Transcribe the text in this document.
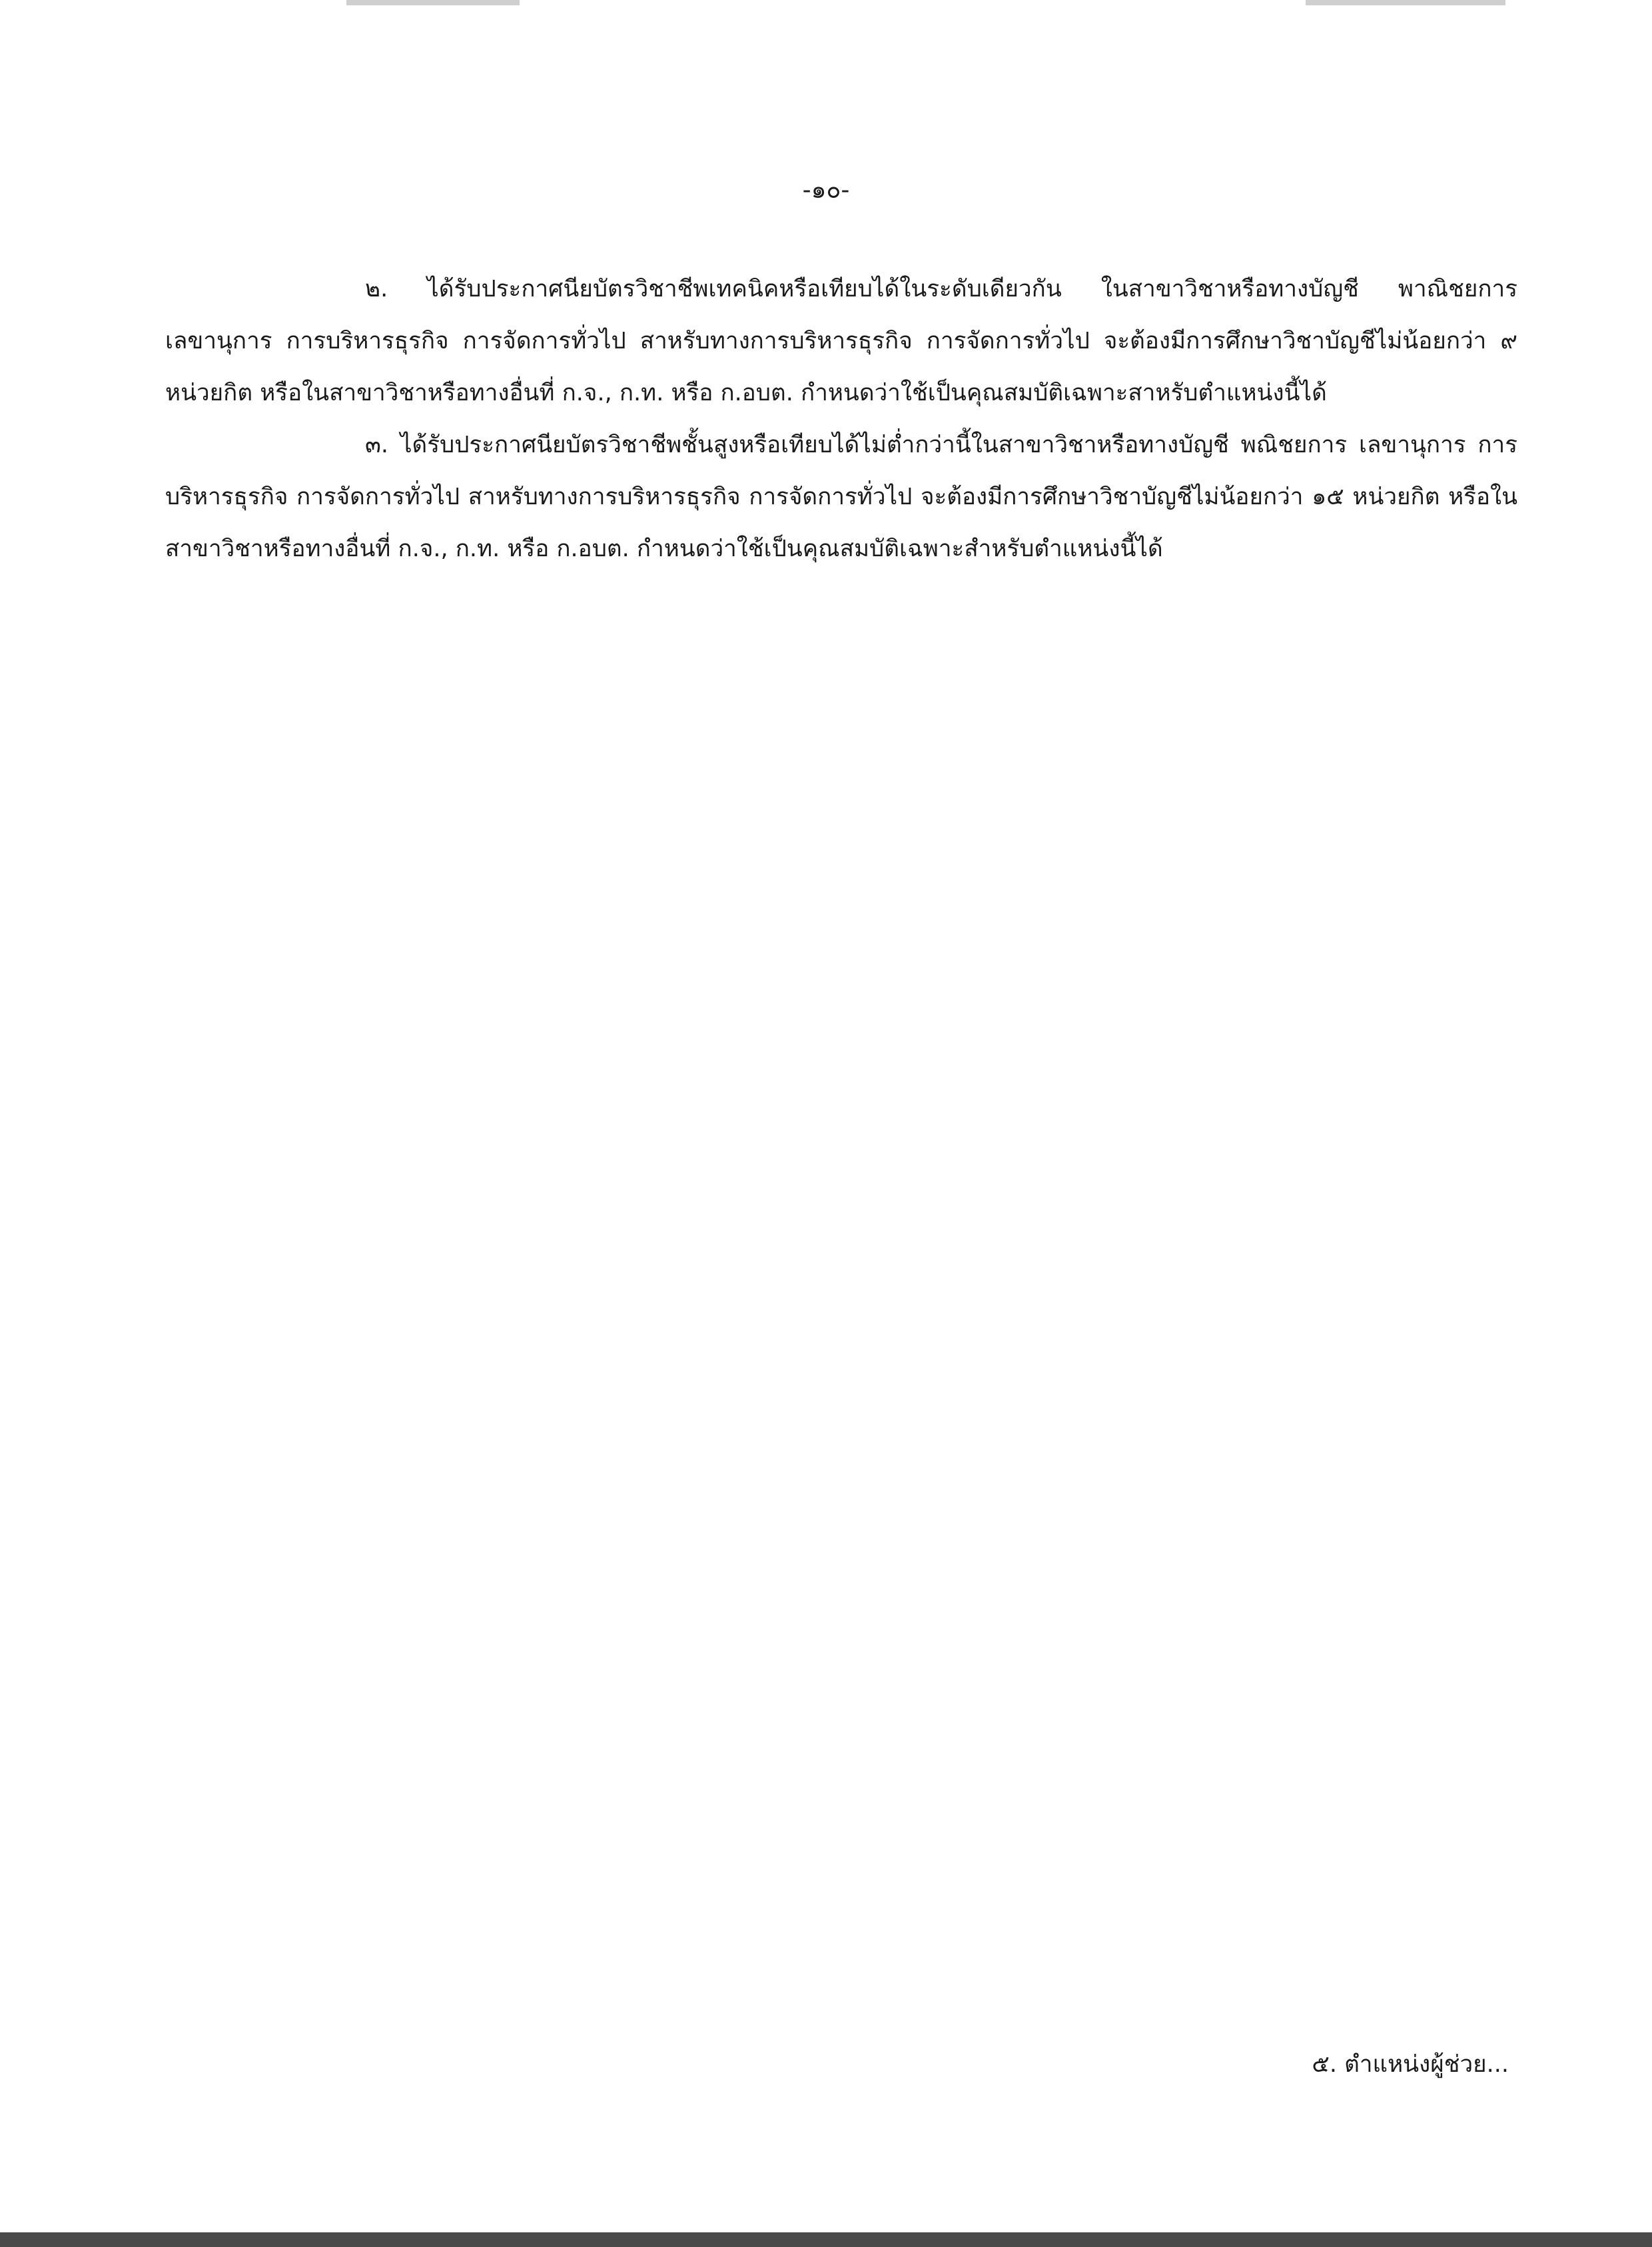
-๑๐-

๒. ได้รับประกาศนียบัตรวิชาชีพเทคนิคหรือเทียบได้ในระดับเดียวกัน ในสาขาวิชาหรือทางบัญชี พาณิชยการ เลขานุการ การบริหารธุรกิจ การจัดการทั่วไป สาหรับทางการบริหารธุรกิจ การจัดการทั่วไป จะต้องมีการศึกษาวิชาบัญชีไม่น้อยกว่า ๙ หน่วยกิต หรือในสาขาวิชาหรือทางอื่นที่ ก.จ., ก.ท. หรือ ก.อบต. กำหนดว่าใช้เป็นคุณสมบัติเฉพาะสาหรับตำแหน่งนี้ได้

๓. ได้รับประกาศนียบัตรวิชาชีพชั้นสูงหรือเทียบได้ไม่ต่ำกว่านี้ในสาขาวิชาหรือทางบัญชี พณิชยการ เลขานุการ การบริหารธุรกิจ การจัดการทั่วไป สาหรับทางการบริหารธุรกิจ การจัดการทั่วไป จะต้องมีการศึกษาวิชาบัญชีไม่น้อยกว่า ๑๕ หน่วยกิต หรือในสาขาวิชาหรือทางอื่นที่ ก.จ., ก.ท. หรือ ก.อบต. กำหนดว่าใช้เป็นคุณสมบัติเฉพาะสำหรับตำแหน่งนี้ได้

๕. ตำแหน่งผู้ช่วย...
